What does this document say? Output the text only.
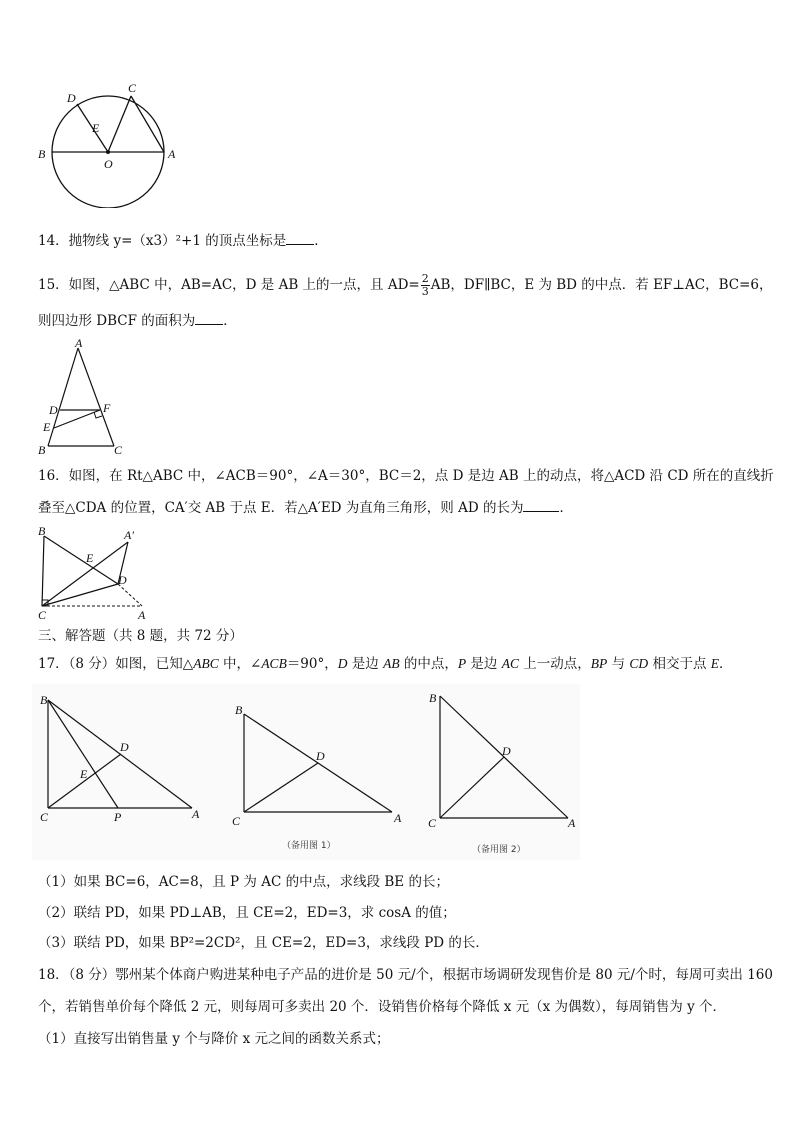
D
C
E
B
O
A
14．抛物线 y=（x3）²+1 的顶点坐标是 ．
15．如图，△ABC 中，AB=AC，D 是 AB 上的一点，且 $AD= \frac{2}{3}$ AB，DF∥BC，E 为 BD 的中点．若 EF⊥AC，BC=6，
则四边形 DBCF 的面积为 ．
A
D	F
E
B	C
16．如图，在 Rt△ABC 中，∠ACB＝90°，∠A＝30°，BC＝2，点 D 是边 AB 上的动点，将△ACD 沿 CD 所在的直线折
叠至△CDA 的位置，CA′交 AB 于点 E．若△A′ED 为直角三角形，则 AD 的长为	．
B	A′
E
D
C	A
三、解答题（共 8 题，共 72 分）
17．（8 分）如图，已知△ABC 中，∠ACB＝90°，D 是边 AB 的中点，P 是边 AC 上一动点，BP 与 CD 相交于点 E．
B
D
E
C	P	A
B
D
C	A
（备用图 1）
B
D
C	A
（备用图 2）
（1）如果 BC=6，AC=8，且 P 为 AC 的中点，求线段 BE 的长；
（2）联结 PD，如果 PD⊥AB，且 CE=2，ED=3，求 cosA 的值；
（3）联结 PD，如果 BP²=2CD²，且 CE=2，ED=3，求线段 PD 的长．
18．（8 分）鄂州某个体商户购进某种电子产品的进价是 50 元/个，根据市场调研发现售价是 80 元/个时，每周可卖出 160
个，若销售单价每个降低 2 元，则每周可多卖出 20 个．设销售价格每个降低 x 元（x 为偶数），每周销售为 y 个．
（1）直接写出销售量 y 个与降价 x 元之间的函数关系式；
